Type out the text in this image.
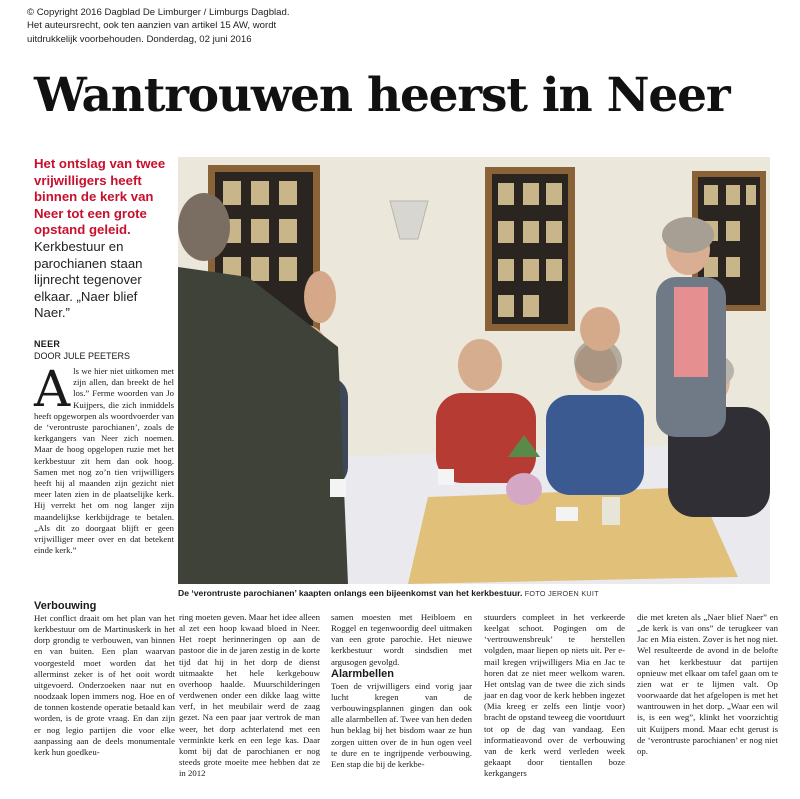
© Copyright 2016 Dagblad De Limburger / Limburgs Dagblad.
Het auteursrecht, ook ten aanzien van artikel 15 AW, wordt
uitdrukkelijk voorbehouden. Donderdag, 02 juni 2016
Wantrouwen heerst in Neer
Het ontslag van twee vrijwilligers heeft binnen de kerk van Neer tot een grote opstand geleid. Kerkbestuur en parochianen staan lijnrecht tegenover elkaar. „Naer blief Naer.”
NEER
DOOR JULE PEETERS
A ls we hier niet uitkomen met zijn allen, dan breekt de hel los.” Ferme woorden van Jo Kuijpers, die zich inmiddels heeft opgeworpen als woordvoerder van de ‘verontruste parochianen’, zoals de kerkgangers van Neer zich noemen. Maar de hoog opgelopen ruzie met het kerkbestuur zit hem dan ook hoog. Samen met nog zo’n tien vrijwilligers heeft hij al maanden zijn gezicht niet meer laten zien in de plaatselijke kerk. Hij verrekt het om nog langer zijn maandelijkse kerkbijdrage te betalen. „Als dit zo doorgaat blijft er geen vrijwilliger meer over en dat betekent einde kerk.”
De ‘verontruste parochianen’ kaapten onlangs een bijeenkomst van het kerkbestuur. FOTO JEROEN KUIT
Verbouwing

Het conflict draait om het plan van het kerkbestuur om de Martinuskerk in het dorp grondig te verbouwen, van binnen en van buiten. Een plan waarvan voorgesteld moet worden dat het allerminst zeker is of het ooit wordt uitgevoerd. Onderzoeken naar nut en noodzaak lopen immers nog. Hoe en of de tonnen kostende operatie betaald kan worden, is de grote vraag. En dan zijn er nog legio partijen die voor elke aanpassing aan de deels monumentale kerk hun goedkeu-

ring moeten geven. Maar het idee alleen al zet een hoop kwaad bloed in Neer. Het roept herinneringen op aan de pastoor die in de jaren zestig in de korte tijd dat hij in het dorp de dienst uitmaakte het hele kerkgebouw overhoop haalde. Muurschilderingen verdwenen onder een dikke laag witte verf, in het meubilair werd de zaag gezet. Na een paar jaar vertrok de man weer, het dorp achterlatend met een verminkte kerk en een lege kas. Daar komt bij dat de parochianen er nog steeds grote moeite mee hebben dat ze in 2012

samen moesten met Heibloem en Roggel en tegenwoordig deel uitmaken van een grote parochie. Het nieuwe kerkbestuur wordt sindsdien met argusogen gevolgd.

Alarmbellen

Toen de vrijwilligers eind vorig jaar lucht kregen van de verbouwingsplannen gingen dan ook alle alarmbellen af. Twee van hen deden hun beklag bij het bisdom waar ze hun zorgen uitten over de in hun ogen veel te dure en te ingrijpende verbouwing. Een stap die bij de kerkbe-

stuurders compleet in het verkeerde keelgat schoot. Pogingen om de ‘vertrouwensbreuk’ te herstellen volgden, maar liepen op niets uit. Per e-mail kregen vrijwilligers Mia en Jac te horen dat ze niet meer welkom waren. Het ontslag van de twee die zich sinds jaar en dag voor de kerk hebben ingezet (Mia kreeg er zelfs een lintje voor) bracht de opstand teweeg die voortduurt tot op de dag van vandaag. Een informatieavond over de verbouwing van de kerk werd verleden week gekaapt door tientallen boze kerkgangers

die met kreten als „Naer blief Naer” en „de kerk is van ons” de terugkeer van Jac en Mia eisten. Zover is het nog niet. Wel resulteerde de avond in de belofte van het kerkbestuur dat partijen opnieuw met elkaar om tafel gaan om te zien wat er te lijmen valt. Op voorwaarde dat het afgelopen is met het wantrouwen in het dorp. „Waar een wil is, is een weg”, klinkt het voorzichtig uit Kuijpers mond. Maar echt gerust is de ‘verontruste parochianen’ er nog niet op.
